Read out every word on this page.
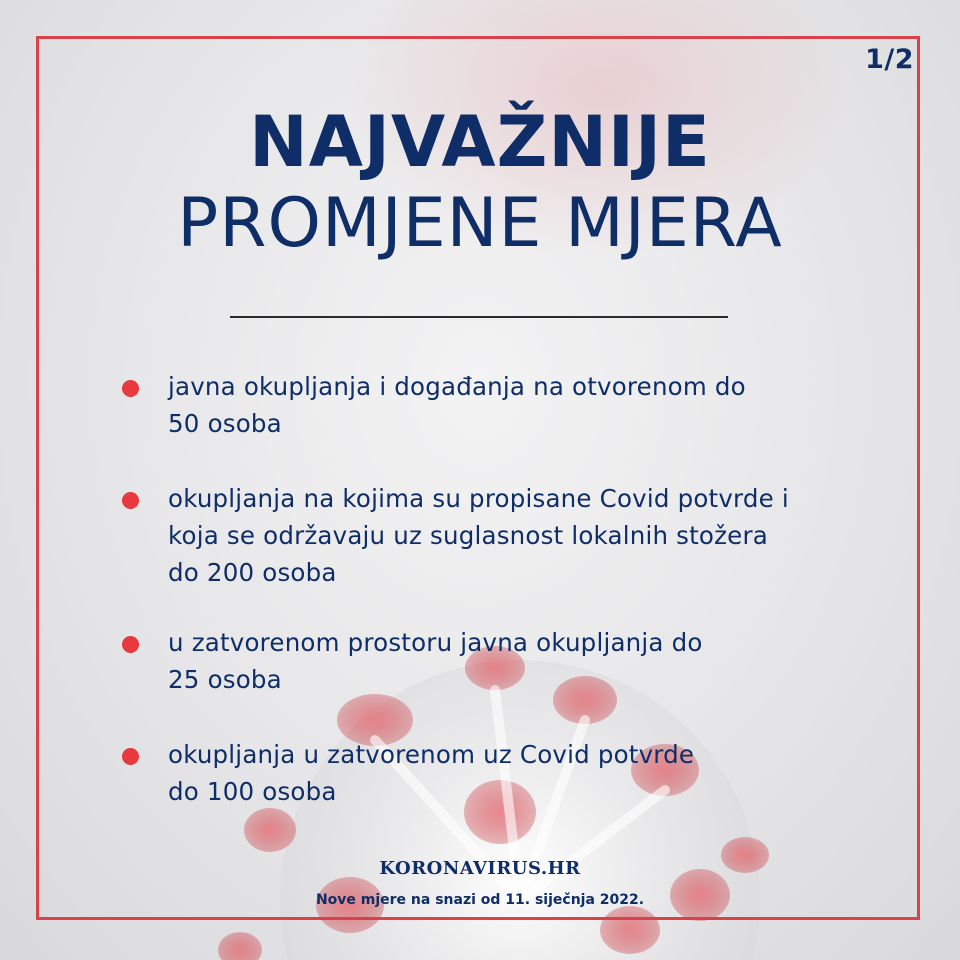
1/2
NAJVAŽNIJE
PROMJENE MJERA
javna okupljanja i događanja na otvorenom do
50 osoba
okupljanja na kojima su propisane Covid potvrde i
koja se održavaju uz suglasnost lokalnih stožera
do 200 osoba
u zatvorenom prostoru javna okupljanja do
25 osoba
okupljanja u zatvorenom uz Covid potvrde
do 100 osoba
KORONAVIRUS.HR
Nove mjere na snazi od 11. siječnja 2022.
